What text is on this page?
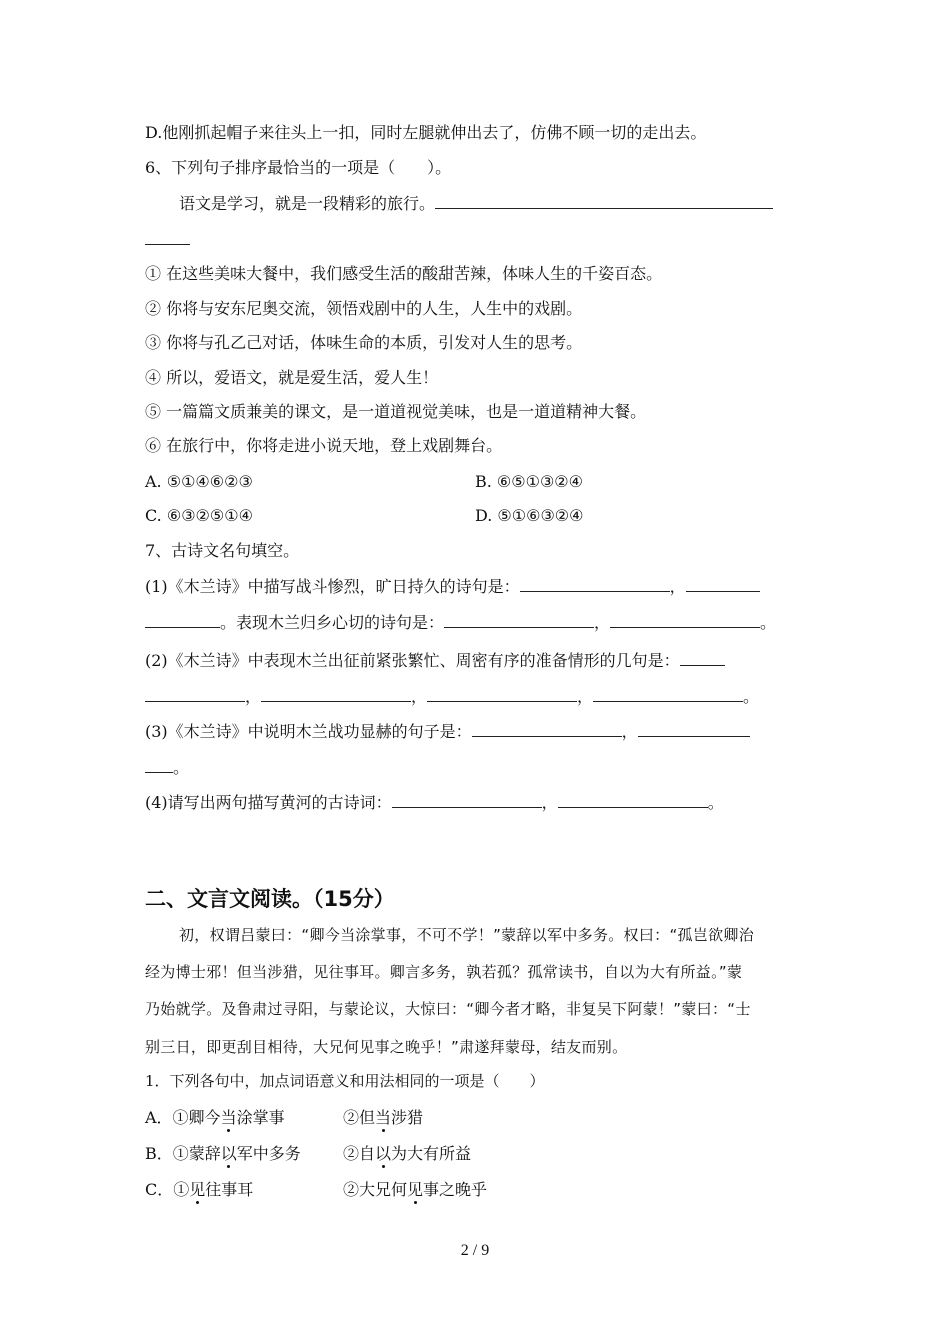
D.他刚抓起帽子来往头上一扣，同时左腿就伸出去了，仿佛不顾一切的走出去。
6、下列句子排序最恰当的一项是（　　）。
语文是学习，就是一段精彩的旅行。
① 在这些美味大餐中，我们感受生活的酸甜苦辣，体味人生的千姿百态。
② 你将与安东尼奥交流，领悟戏剧中的人生，人生中的戏剧。
③ 你将与孔乙己对话，体味生命的本质，引发对人生的思考。
④ 所以，爱语文，就是爱生活，爱人生！
⑤ 一篇篇文质兼美的课文，是一道道视觉美味，也是一道道精神大餐。
⑥ 在旅行中，你将走进小说天地，登上戏剧舞台。
A. ⑤①④⑥②③	B. ⑥⑤①③②④
C. ⑥③②⑤①④	D. ⑤①⑥③②④
7、古诗文名句填空。
(1)《木兰诗》中描写战斗惨烈，旷日持久的诗句是：	，
。表现木兰归乡心切的诗句是：	，	。
(2)《木兰诗》中表现木兰出征前紧张繁忙、周密有序的准备情形的几句是：
，	，	，	。
(3)《木兰诗》中说明木兰战功显赫的句子是：	，
。
(4)请写出两句描写黄河的古诗词：	，	。
二、文言文阅读。（15分）
初，权谓吕蒙曰：“卿今当涂掌事，不可不学！”蒙辞以军中多务。权曰：“孤岂欲卿治
经为博士邪！但当涉猎，见往事耳。卿言多务，孰若孤？孤常读书，自以为大有所益。”蒙
乃始就学。及鲁肃过寻阳，与蒙论议，大惊曰：“卿今者才略，非复吴下阿蒙！”蒙曰：“士
别三日，即更刮目相待，大兄何见事之晚乎！”肃遂拜蒙母，结友而别。
1．下列各句中，加点词语意义和用法相同的一项是（　　）
A．①卿今当涂掌事	②但当涉猎
B．①蒙辞以军中多务	②自以为大有所益
C．①见往事耳	②大兄何见事之晚乎
2 / 9
